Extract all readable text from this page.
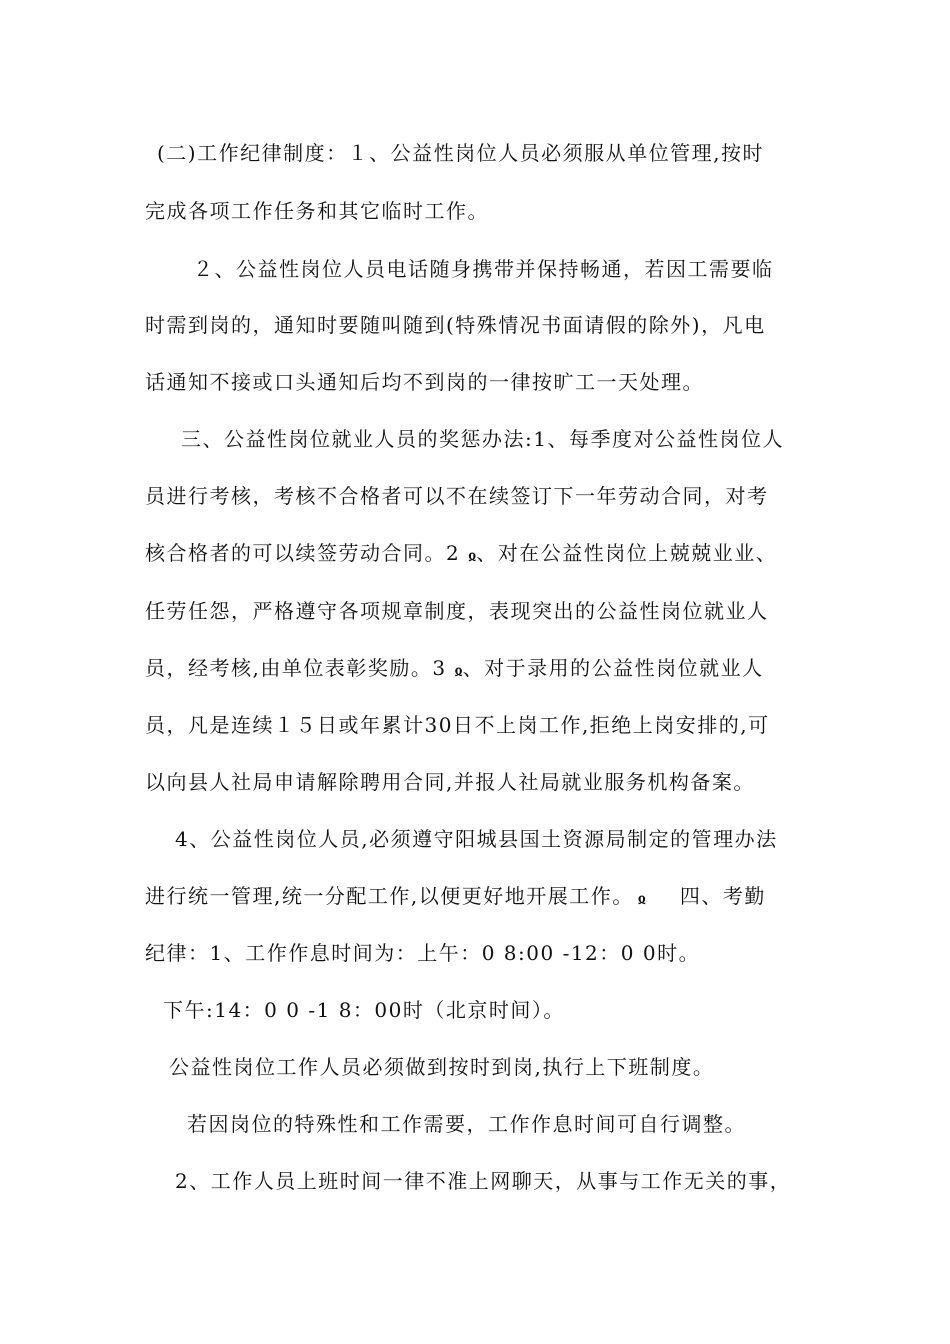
(二)工作纪律制度：１、公益性岗位人员必须服从单位管理,按时
完成各项工作任务和其它临时工作。
２、公益性岗位人员电话随身携带并保持畅通，若因工需要临
时需到岗的，通知时要随叫随到(特殊情况书面请假的除外)，凡电
话通知不接或口头通知后均不到岗的一律按旷工一天处理。
三、公益性岗位就业人员的奖惩办法:1、每季度对公益性岗位人
员进行考核，考核不合格者可以不在续签订下一年劳动合同，对考
核合格者的可以续签劳动合同。2 ჲ、对在公益性岗位上兢兢业业、
任劳任怨，严格遵守各项规章制度，表现突出的公益性岗位就业人
员，经考核,由单位表彰奖励。3 ჲ、对于录用的公益性岗位就业人
员，凡是连续１５日或年累计30日不上岗工作,拒绝上岗安排的,可
以向县人社局申请解除聘用合同,并报人社局就业服务机构备案。
4、公益性岗位人员,必须遵守阳城县国土资源局制定的管理办法
进行统一管理,统一分配工作,以便更好地开展工作。 ჲ 四、考勤
纪律：1、工作作息时间为：上午：0 8:00 -12：0 0时。
下午:14：0 0 -1 8：00时（北京时间）。
公益性岗位工作人员必须做到按时到岗,执行上下班制度。
若因岗位的特殊性和工作需要，工作作息时间可自行调整。
2、工作人员上班时间一律不准上网聊天，从事与工作无关的事，
